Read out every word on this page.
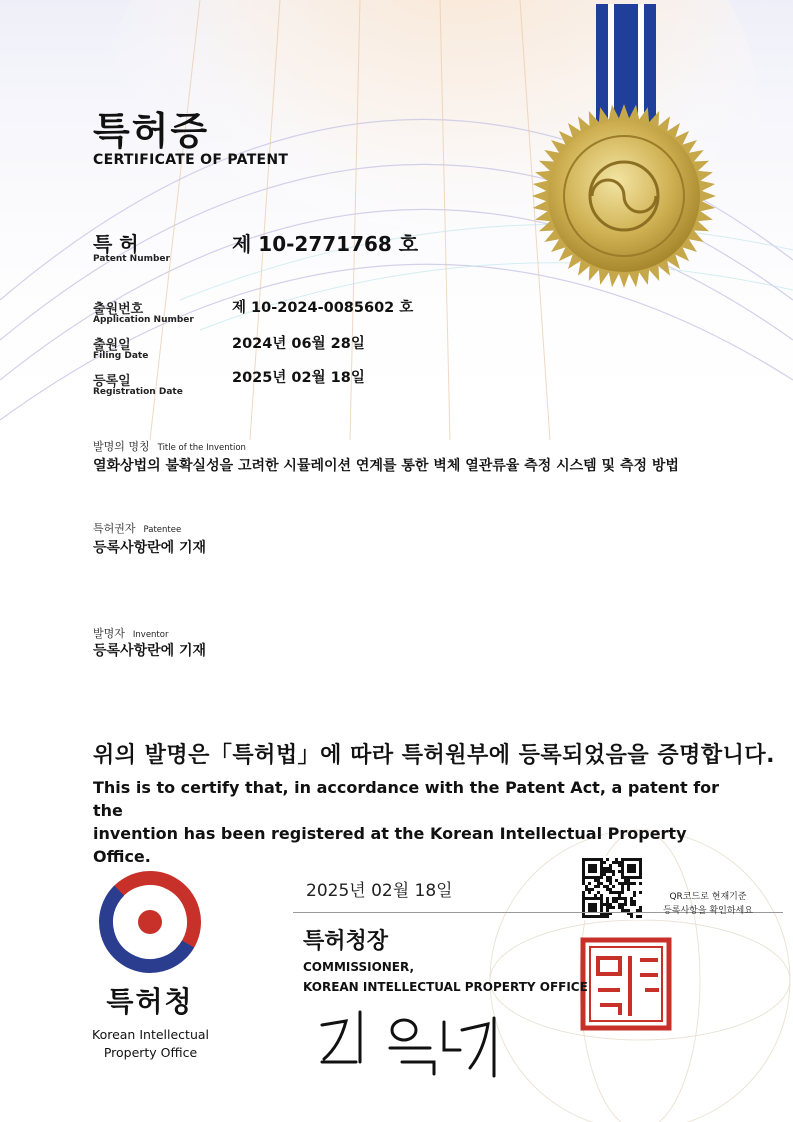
특허증
CERTIFICATE OF PATENT
특 허
Patent Number
제 10-2771768 호
출원번호
Application Number
제 10-2024-0085602 호
출원일
Filing Date
2024년 06월 28일
등록일
Registration Date
2025년 02월 18일
발명의 명칭 Title of the Invention
열화상법의 불확실성을 고려한 시뮬레이션 연계를 통한 벽체 열관류율 측정 시스템 및 측정 방법
특허권자 Patentee
등록사항란에 기재
발명자 Inventor
등록사항란에 기재
위의 발명은「특허법」에 따라 특허원부에 등록되었음을 증명합니다.
This is to certify that, in accordance with the Patent Act, a patent for the
invention has been registered at the Korean Intellectual Property Office.
2025년 02월 18일	QR코드로 현재기준
등록사항을 확인하세요
특허청장
COMMISSIONER,
KOREAN INTELLECTUAL PROPERTY OFFICE
특허청
Korean Intellectual
Property Office
